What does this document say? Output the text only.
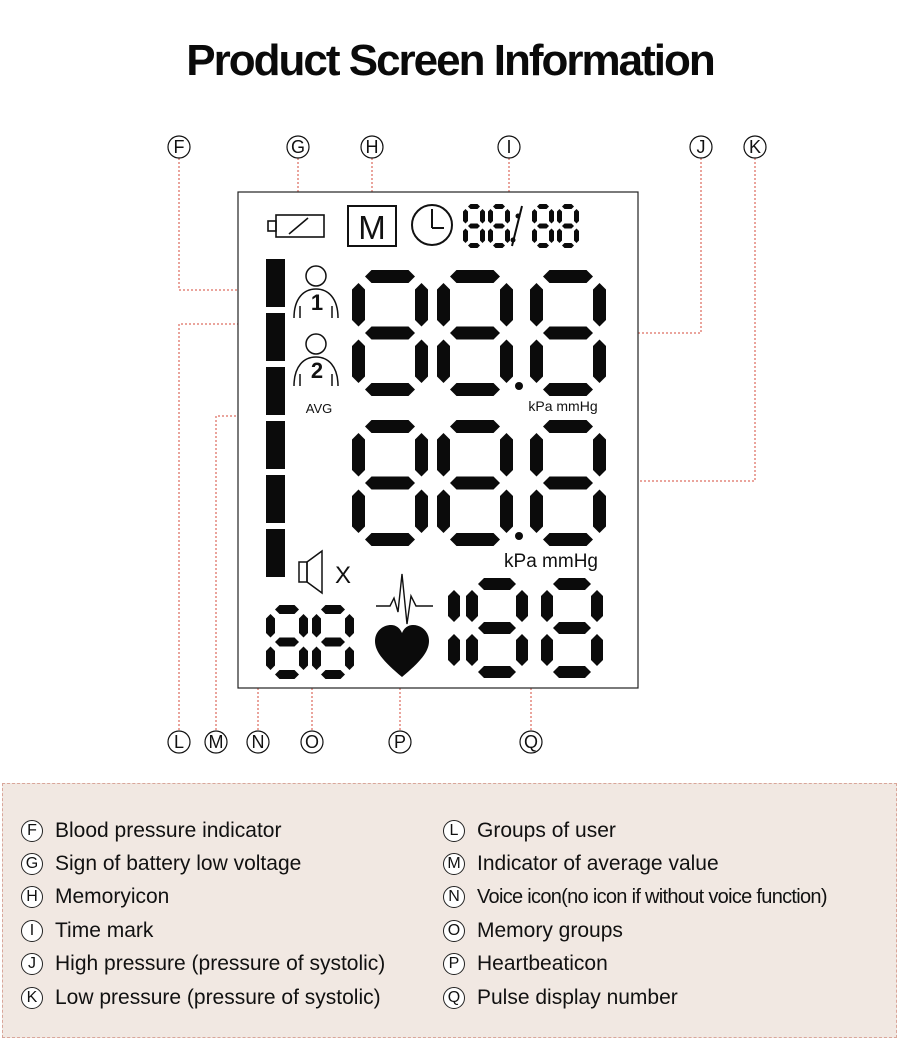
Product Screen Information
F	G	H	I	J K
L M N O	P	Q
M
1
2
AVG	kPa mmHg
kPa mmHg
X
F Blood pressure indicator
G Sign of battery low voltage
H Memoryicon
I Time mark
J High pressure (pressure of systolic)
K Low pressure (pressure of systolic)
L Groups of user
M Indicator of average value
N Voice icon(no icon if without voice function)
O Memory groups
P Heartbeaticon
Q Pulse display number
